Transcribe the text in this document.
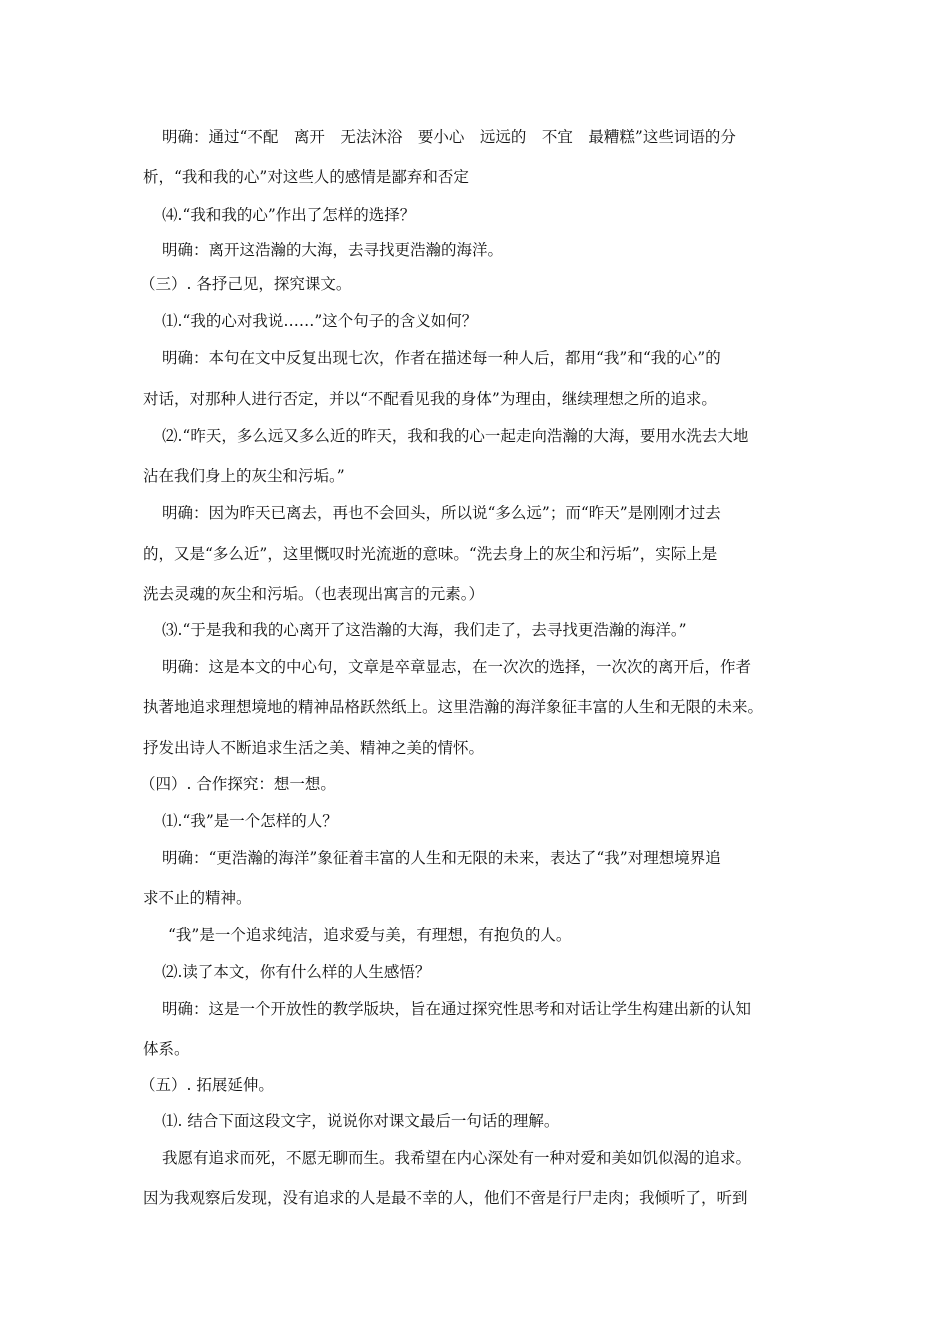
明确：通过“不配　离开　无法沐浴　要小心　远远的　不宜　最糟糕”这些词语的分
析，“我和我的心”对这些人的感情是鄙弃和否定
⑷.“我和我的心”作出了怎样的选择？
明确：离开这浩瀚的大海，去寻找更浩瀚的海洋。
（三）. 各抒己见，探究课文。
⑴.“我的心对我说……”这个句子的含义如何？
明确：本句在文中反复出现七次，作者在描述每一种人后，都用“我”和“我的心”的
对话，对那种人进行否定，并以“不配看见我的身体”为理由，继续理想之所的追求。
⑵.“昨天，多么远又多么近的昨天，我和我的心一起走向浩瀚的大海，要用水洗去大地
沾在我们身上的灰尘和污垢。”
明确：因为昨天已离去，再也不会回头，所以说“多么远”；而“昨天”是刚刚才过去
的，又是“多么近”，这里慨叹时光流逝的意味。“洗去身上的灰尘和污垢”，实际上是
洗去灵魂的灰尘和污垢。（也表现出寓言的元素。）
⑶.“于是我和我的心离开了这浩瀚的大海，我们走了，去寻找更浩瀚的海洋。”
明确：这是本文的中心句，文章是卒章显志，在一次次的选择，一次次的离开后，作者
执著地追求理想境地的精神品格跃然纸上。这里浩瀚的海洋象征丰富的人生和无限的未来。
抒发出诗人不断追求生活之美、精神之美的情怀。
（四）. 合作探究：想一想。
⑴.“我”是一个怎样的人？
明确：“更浩瀚的海洋”象征着丰富的人生和无限的未来，表达了“我”对理想境界追
求不止的精神。
“我”是一个追求纯洁，追求爱与美，有理想，有抱负的人。
⑵.读了本文，你有什么样的人生感悟？
明确：这是一个开放性的教学版块，旨在通过探究性思考和对话让学生构建出新的认知
体系。
（五）. 拓展延伸。
⑴. 结合下面这段文字，说说你对课文最后一句话的理解。
我愿有追求而死，不愿无聊而生。我希望在内心深处有一种对爱和美如饥似渴的追求。
因为我观察后发现，没有追求的人是最不幸的人，他们不啻是行尸走肉；我倾听了，听到
